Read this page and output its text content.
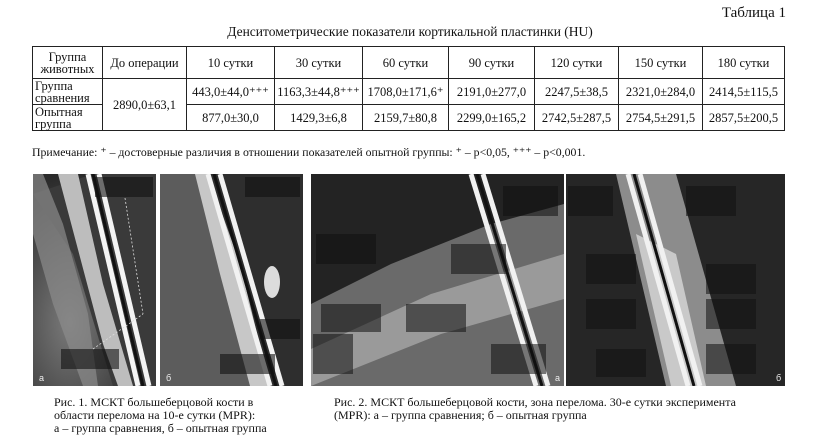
Таблица 1
Денситометрические показатели кортикальной пластинки (HU)
Группа животных	До операции	10 сутки	30 сутки	60 сутки	90 сутки	120 сутки	150 сутки	180 сутки
Группа сравнения	2890,0±63,1	443,0±44,0⁺⁺⁺	1163,3±44,8⁺⁺⁺	1708,0±171,6⁺	2191,0±277,0	2247,5±38,5	2321,0±284,0	2414,5±115,5
Опытная группа		877,0±30,0	1429,3±6,8	2159,7±80,8	2299,0±165,2	2742,5±287,5	2754,5±291,5	2857,5±200,5
Примечание: ⁺ – достоверные различия в отношении показателей опытной группы: ⁺ – p<0,05, ⁺⁺⁺ – p<0,001.
а	б	а	б
Рис. 1. МСКТ большеберцовой кости в
области перелома на 10-е сутки (MPR):
а – группа сравнения, б – опытная группа
Рис. 2. МСКТ большеберцовой кости, зона перелома. 30-е сутки эксперимента
(MPR): а – группа сравнения; б – опытная группа
